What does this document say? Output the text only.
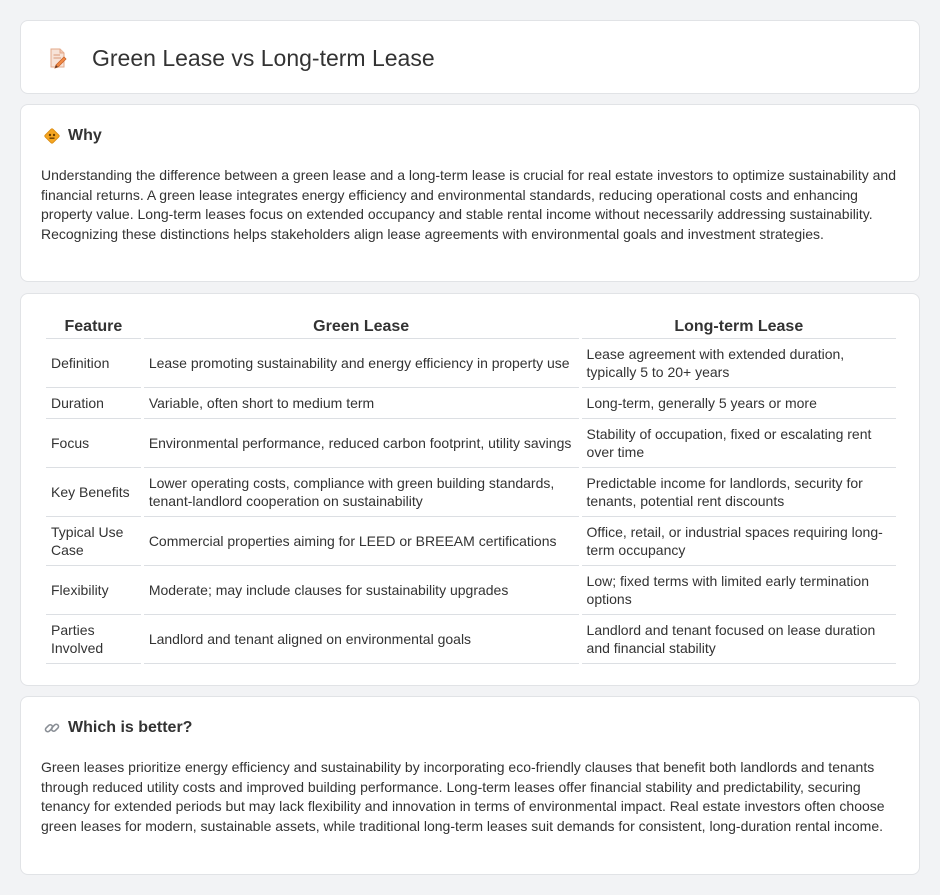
Green Lease vs Long-term Lease
Why

Understanding the difference between a green lease and a long-term lease is crucial for real estate investors to optimize sustainability and financial returns. A green lease integrates energy efficiency and environmental standards, reducing operational costs and enhancing property value. Long-term leases focus on extended occupancy and stable rental income without necessarily addressing sustainability. Recognizing these distinctions helps stakeholders align lease agreements with environmental goals and investment strategies.

Feature	Green Lease	Long-term Lease
Definition	Lease promoting sustainability and energy efficiency in property use	Lease agreement with extended duration, typically 5 to 20+ years
Duration	Variable, often short to medium term	Long-term, generally 5 years or more
Focus	Environmental performance, reduced carbon footprint, utility savings	Stability of occupation, fixed or escalating rent over time
Key Benefits	Lower operating costs, compliance with green building standards, tenant-landlord cooperation on sustainability	Predictable income for landlords, security for tenants, potential rent discounts
Typical Use Case	Commercial properties aiming for LEED or BREEAM certifications	Office, retail, or industrial spaces requiring long-term occupancy
Flexibility	Moderate; may include clauses for sustainability upgrades	Low; fixed terms with limited early termination options
Parties Involved	Landlord and tenant aligned on environmental goals	Landlord and tenant focused on lease duration and financial stability
Which is better?

Green leases prioritize energy efficiency and sustainability by incorporating eco-friendly clauses that benefit both landlords and tenants through reduced utility costs and improved building performance. Long-term leases offer financial stability and predictability, securing tenancy for extended periods but may lack flexibility and innovation in terms of environmental impact. Real estate investors often choose green leases for modern, sustainable assets, while traditional long-term leases suit demands for consistent, long-duration rental income.
